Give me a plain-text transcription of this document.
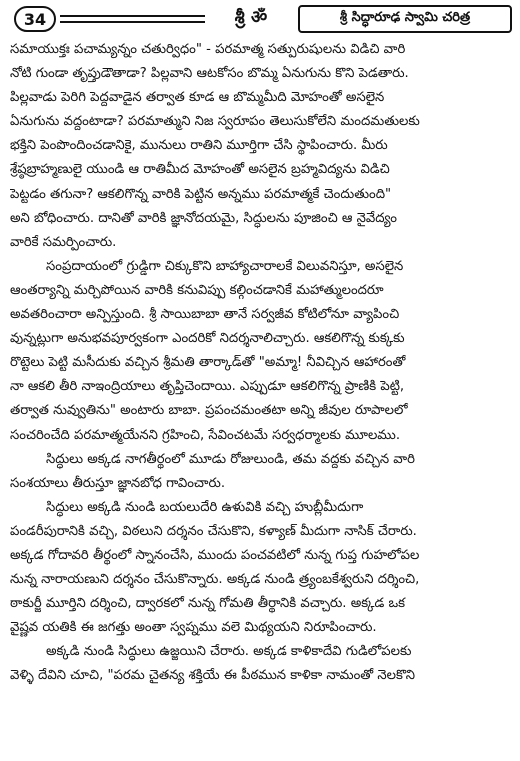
34	శ్రీ ॐ	శ్రీ సిద్ధారూఢ స్వామి చరిత్ర

సమాయుక్తః పచామ్యన్నం చతుర్విధం" - పరమాత్మ సత్పురుషులను విడిచి వారి

నోటి గుండా తృప్తుడౌతాడా? పిల్లవాని ఆటకోసం బొమ్మ ఏనుగును కొని పెడతారు.

పిల్లవాడు పెరిగి పెద్దవాడైన తర్వాత కూడ ఆ బొమ్మమీది మోహంతో అసలైన

ఏనుగును వద్దంటాడా? పరమాత్ముని నిజ స్వరూపం తెలుసుకోలేని మందమతులకు

భక్తిని పెంపొందించడానికై, మునులు రాతిని మూర్తిగా చేసి స్థాపించారు. మీరు

శ్రేష్ఠబ్రాహ్మణులై యుండి ఆ రాతిమీద మోహంతో అసలైన బ్రహ్మవిద్యను విడిచి

పెట్టడం తగునా? ఆకలిగొన్న వారికి పెట్టిన అన్నము పరమాత్మకే చెందుతుంది"

అని బోధించారు. దానితో వారికి జ్ఞానోదయమై, సిద్ధులను పూజించి ఆ నైవేద్యం

వారికే సమర్పించారు.

సంప్రదాయంలో గ్రుడ్డిగా చిక్కుకొని బాహ్యాచారాలకే విలువనిస్తూ, అసలైన

ఆంతర్యాన్ని మర్చిపోయిన వారికి కనువిప్పు కల్గించడానికే మహాత్ములందరూ

అవతరించారా అన్పిస్తుంది. శ్రీ సాయిబాబా తానే సర్వజీవ కోటిలోనూ వ్యాపించి

వున్నట్లుగా అనుభవపూర్వకంగా ఎందరికో నిదర్శనాలిచ్చారు. ఆకలిగొన్న కుక్కకు

రొట్టెలు పెట్టి మసీదుకు వచ్చిన శ్రీమతి తార్కాడ్‌తో "అమ్మా! నీవిచ్చిన ఆహారంతో

నా ఆకలి తీరి నాఇంద్రియాలు తృప్తిచెందాయి. ఎప్పుడూ ఆకలిగొన్న ప్రాణికి పెట్టి,

తర్వాత నువ్వుతిను" అంటారు బాబా. ప్రపంచమంతటా అన్ని జీవుల రూపాలలో

సంచరించేది పరమాత్మయేనని గ్రహించి, సేవించటమే సర్వధర్మాలకు మూలము.

సిద్ధులు అక్కడ నాగతీర్థంలో మూడు రోజులుండి, తమ వద్దకు వచ్చిన వారి

సంశయాలు తీరుస్తూ జ్ఞానబోధ గావించారు.

సిద్ధులు అక్కడి నుండి బయలుదేరి ఉళువికి వచ్చి హుబ్లీమీదుగా

పండరీపురానికి వచ్చి, విఠలుని దర్శనం చేసుకొని, కళ్యాణ్ మీదుగా నాసిక్ చేరారు.

అక్కడ గోదావరి తీర్థంలో స్నానంచేసి, ముందు పంచవటిలో నున్న గుప్త గుహలోపల

నున్న నారాయణుని దర్శనం చేసుకొన్నారు. అక్కడ నుండి త్ర్యంబకేశ్వరుని దర్శించి,

ఠాకుర్జీ మూర్తిని దర్శించి, ద్వారకలో నున్న గోమతి తీర్థానికి వచ్చారు. అక్కడ ఒక

వైష్ణవ యతికి ఈ జగత్తు అంతా స్వప్నము వలె మిథ్యయని నిరూపించారు.

అక్కడి నుండి సిద్ధులు ఉజ్జయిని చేరారు. అక్కడ కాళికాదేవి గుడిలోపలకు

వెళ్ళి దేవిని చూచి, "పరమ చైతన్య శక్తియే ఈ పీఠమున కాళికా నామంతో నెలకొని
